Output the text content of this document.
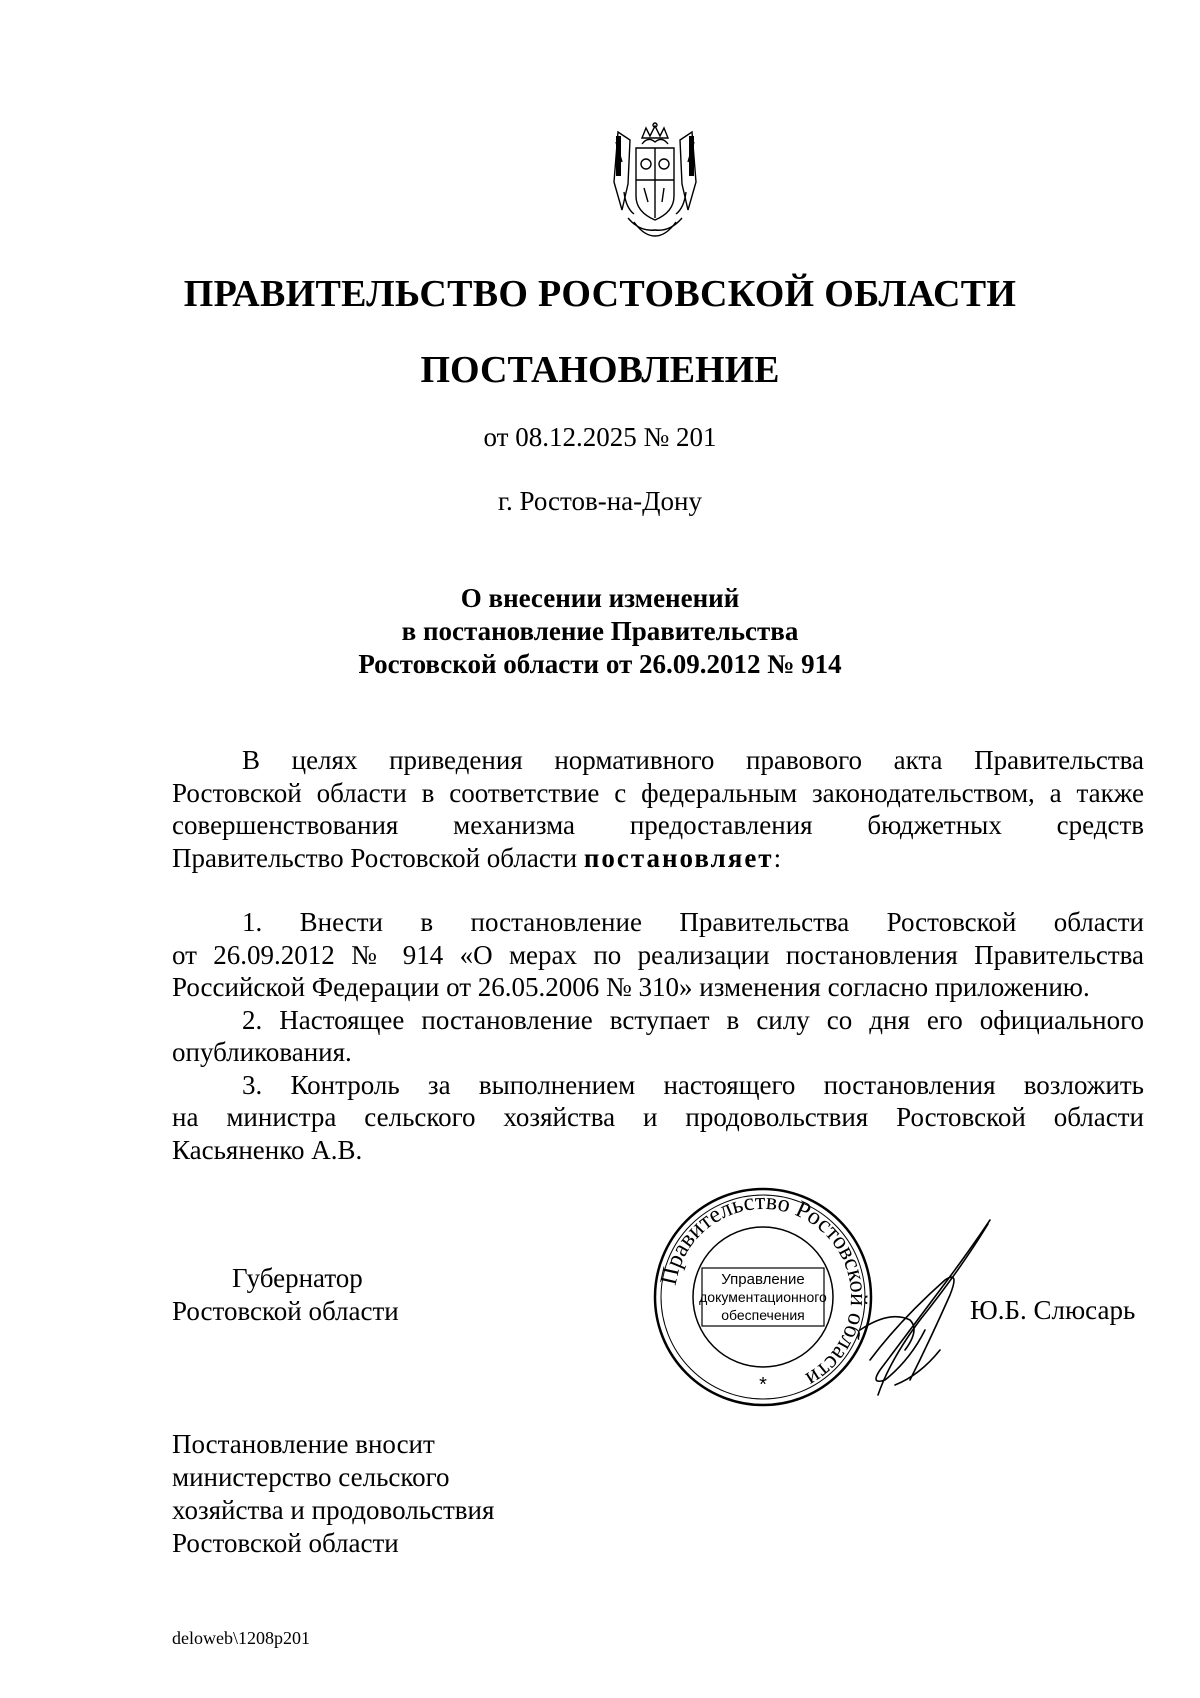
ПРАВИТЕЛЬСТВО РОСТОВСКОЙ ОБЛАСТИ
ПОСТАНОВЛЕНИЕ
от 08.12.2025 № 201
г. Ростов-на-Дону
О внесении изменений
в постановление Правительства
Ростовской области от 26.09.2012 № 914
В целях приведения нормативного правового акта Правительства
Ростовской области в соответствие с федеральным законодательством, а также
совершенствования механизма предоставления бюджетных средств
Правительство Ростовской области постановляет:
1. Внести в постановление Правительства Ростовской области
от 26.09.2012 № 914 «О мерах по реализации постановления Правительства
Российской Федерации от 26.05.2006 № 310» изменения согласно приложению.
2. Настоящее постановление вступает в силу со дня его официального
опубликования.
3. Контроль за выполнением настоящего постановления возложить
на министра сельского хозяйства и продовольствия Ростовской области
Касьяненко А.В.
Губернатор
Ростовской области
Правительство Ростовской области
Управление
документационного
обеспечения
*
Ю.Б. Слюсарь
Постановление вносит
министерство сельского
хозяйства и продовольствия
Ростовской области
deloweb\1208p201
